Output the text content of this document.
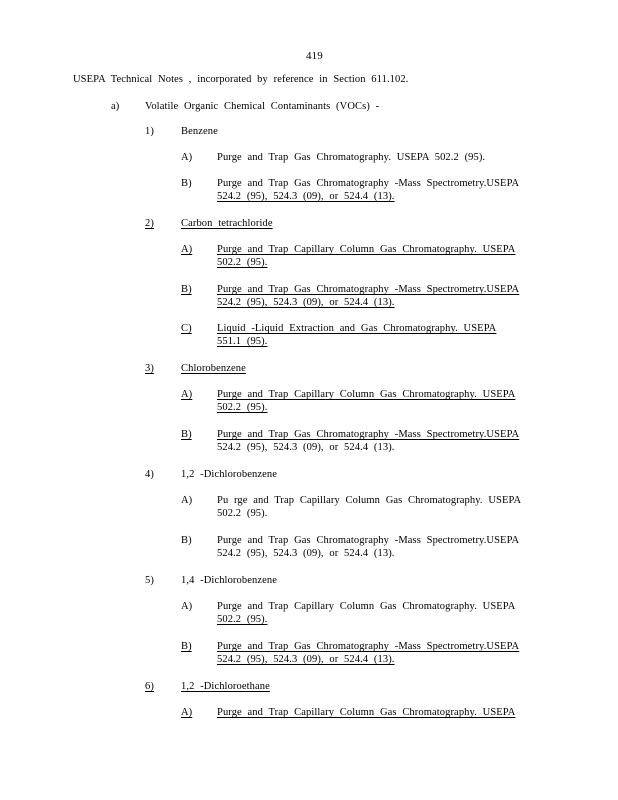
419
USEPA Technical Notes , incorporated by reference in Section 611.102.
a) Volatile Organic Chemical Contaminants (VOCs) -
1)	Benzene
A) Purge and Trap Gas Chromatography. USEPA 502.2 (95).
B) Purge and Trap Gas Chromatography -Mass Spectrometry.USEPA
524.2 (95), 524.3 (09), or 524.4 (13).
2)	Carbon tetrachloride
A) Purge and Trap Capillary Column Gas Chromatography. USEPA
502.2 (95).
B) Purge and Trap Gas Chromatography -Mass Spectrometry.USEPA
524.2 (95), 524.3 (09), or 524.4 (13).
C) Liquid -Liquid Extraction and Gas Chromatography. USEPA
551.1 (95).
3)	Chlorobenzene
A) Purge and Trap Capillary Column Gas Chromatography. USEPA
502.2 (95).
B) Purge and Trap Gas Chromatography -Mass Spectrometry.USEPA
524.2 (95), 524.3 (09), or 524.4 (13).
4)	1,2 -Dichlorobenzene
A) Pu rge and Trap Capillary Column Gas Chromatography. USEPA
502.2 (95).
B) Purge and Trap Gas Chromatography -Mass Spectrometry.USEPA
524.2 (95), 524.3 (09), or 524.4 (13).
5)	1,4 -Dichlorobenzene
A) Purge and Trap Capillary Column Gas Chromatography. USEPA
502.2 (95).
B) Purge and Trap Gas Chromatography -Mass Spectrometry.USEPA
524.2 (95), 524.3 (09), or 524.4 (13).
6)	1,2 -Dichloroethane
A) Purge and Trap Capillary Column Gas Chromatography. USEPA
